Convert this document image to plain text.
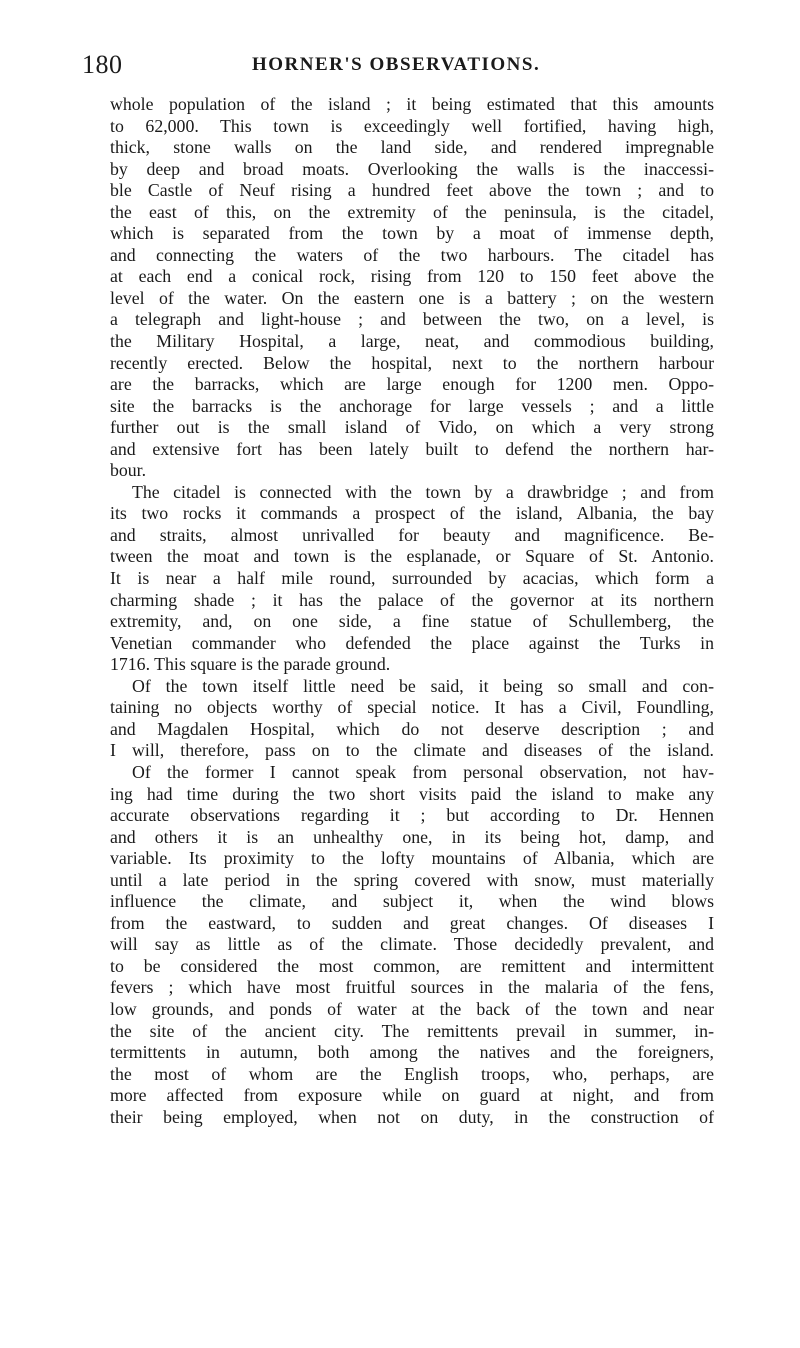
180	HORNER'S OBSERVATIONS.
whole population of the island ; it being estimated that this amounts
to 62,000. This town is exceedingly well fortified, having high,
thick, stone walls on the land side, and rendered impregnable
by deep and broad moats. Overlooking the walls is the inaccessi-
ble Castle of Neuf rising a hundred feet above the town ; and to
the east of this, on the extremity of the peninsula, is the citadel,
which is separated from the town by a moat of immense depth,
and connecting the waters of the two harbours. The citadel has
at each end a conical rock, rising from 120 to 150 feet above the
level of the water. On the eastern one is a battery ; on the western
a telegraph and light-house ; and between the two, on a level, is
the Military Hospital, a large, neat, and commodious building,
recently erected. Below the hospital, next to the northern harbour
are the barracks, which are large enough for 1200 men. Oppo-
site the barracks is the anchorage for large vessels ; and a little
further out is the small island of Vido, on which a very strong
and extensive fort has been lately built to defend the northern har-
bour.
The citadel is connected with the town by a drawbridge ; and from
its two rocks it commands a prospect of the island, Albania, the bay
and straits, almost unrivalled for beauty and magnificence. Be-
tween the moat and town is the esplanade, or Square of St. Antonio.
It is near a half mile round, surrounded by acacias, which form a
charming shade ; it has the palace of the governor at its northern
extremity, and, on one side, a fine statue of Schullemberg, the
Venetian commander who defended the place against the Turks in
1716. This square is the parade ground.
Of the town itself little need be said, it being so small and con-
taining no objects worthy of special notice. It has a Civil, Foundling,
and Magdalen Hospital, which do not deserve description ; and
I will, therefore, pass on to the climate and diseases of the island.
Of the former I cannot speak from personal observation, not hav-
ing had time during the two short visits paid the island to make any
accurate observations regarding it ; but according to Dr. Hennen
and others it is an unhealthy one, in its being hot, damp, and
variable. Its proximity to the lofty mountains of Albania, which are
until a late period in the spring covered with snow, must materially
influence the climate, and subject it, when the wind blows
from the eastward, to sudden and great changes. Of diseases I
will say as little as of the climate. Those decidedly prevalent, and
to be considered the most common, are remittent and intermittent
fevers ; which have most fruitful sources in the malaria of the fens,
low grounds, and ponds of water at the back of the town and near
the site of the ancient city. The remittents prevail in summer, in-
termittents in autumn, both among the natives and the foreigners,
the most of whom are the English troops, who, perhaps, are
more affected from exposure while on guard at night, and from
their being employed, when not on duty, in the construction of
